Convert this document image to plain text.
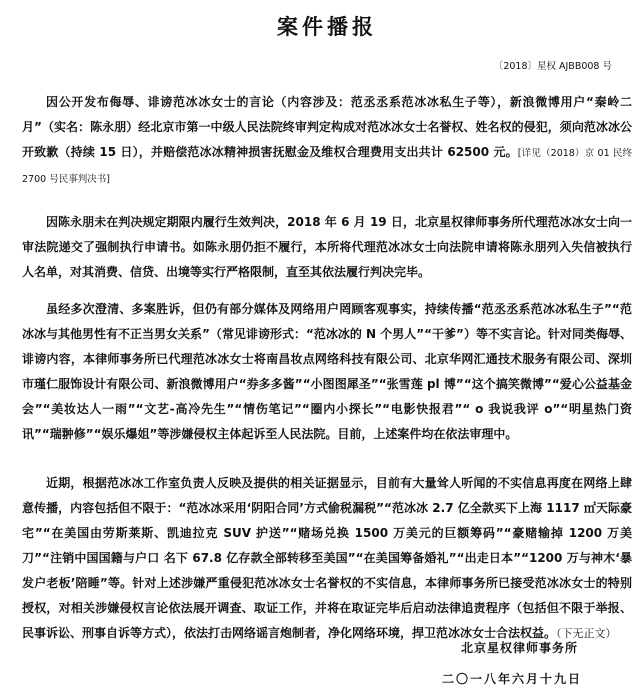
案件播报
〔2018〕星权 AJBB008 号

因公开发布侮辱、诽谤范冰冰女士的言论（内容涉及：范丞丞系范冰冰私生子等），新浪微博用户“秦岭二月”（实名：陈永朋）经北京市第一中级人民法院终审判定构成对范冰冰女士名誉权、姓名权的侵犯，须向范冰冰公开致歉（持续 15 日），并赔偿范冰冰精神损害抚慰金及维权合理费用支出共计 62500 元。[详见（2018）京 01 民终 2700 号民事判决书]

因陈永朋未在判决规定期限内履行生效判决，2018 年 6 月 19 日，北京星权律师事务所代理范冰冰女士向一审法院递交了强制执行申请书。如陈永朋仍拒不履行，本所将代理范冰冰女士向法院申请将陈永朋列入失信被执行人名单，对其消费、信贷、出境等实行严格限制，直至其依法履行判决完毕。

虽经多次澄清、多案胜诉，但仍有部分媒体及网络用户罔顾客观事实，持续传播“范丞丞系范冰冰私生子”“范冰冰与其他男性有不正当男女关系”（常见诽谤形式：“范冰冰的 N 个男人”“干爹”）等不实言论。针对同类侮辱、诽谤内容，本律师事务所已代理范冰冰女士将南昌妆点网络科技有限公司、北京华网汇通技术服务有限公司、深圳市瑾仁服饰设计有限公司、新浪微博用户“券多多酱”“小图图犀圣”“张雪莲 pl 博”“这个搞笑微博”“爱心公益基金会”“美妆达人一雨”“文艺-高冷先生”“情伤笔记”“圈内小探长”“电影快报君”“ o 我说我评 o”“明星热门资讯”“瑞翀修”“娱乐爆姐”等涉嫌侵权主体起诉至人民法院。目前，上述案件均在依法审理中。

近期，根据范冰冰工作室负责人反映及提供的相关证据显示，目前有大量耸人听闻的不实信息再度在网络上肆意传播，内容包括但不限于：“范冰冰采用‘阴阳合同’方式偷税漏税”“范冰冰 2.7 亿全款买下上海 1117 ㎡天际豪宅”“在美国由劳斯莱斯、凯迪拉克 SUV 护送”“赌场兑换 1500 万美元的巨额筹码”“豪赌输掉 1200 万美刀”“注销中国国籍与户口 名下 67.8 亿存款全部转移至美国”“在美国筹备婚礼”“出走日本”“1200 万与神木‘暴发户老板’陪睡”等。针对上述涉嫌严重侵犯范冰冰女士名誉权的不实信息，本律师事务所已接受范冰冰女士的特别授权，对相关涉嫌侵权言论依法展开调查、取证工作，并将在取证完毕后启动法律追责程序（包括但不限于举报、民事诉讼、刑事自诉等方式），依法打击网络谣言炮制者，净化网络环境，捍卫范冰冰女士合法权益。（下无正文）

北京星权律师事务所
二〇一八年六月十九日
